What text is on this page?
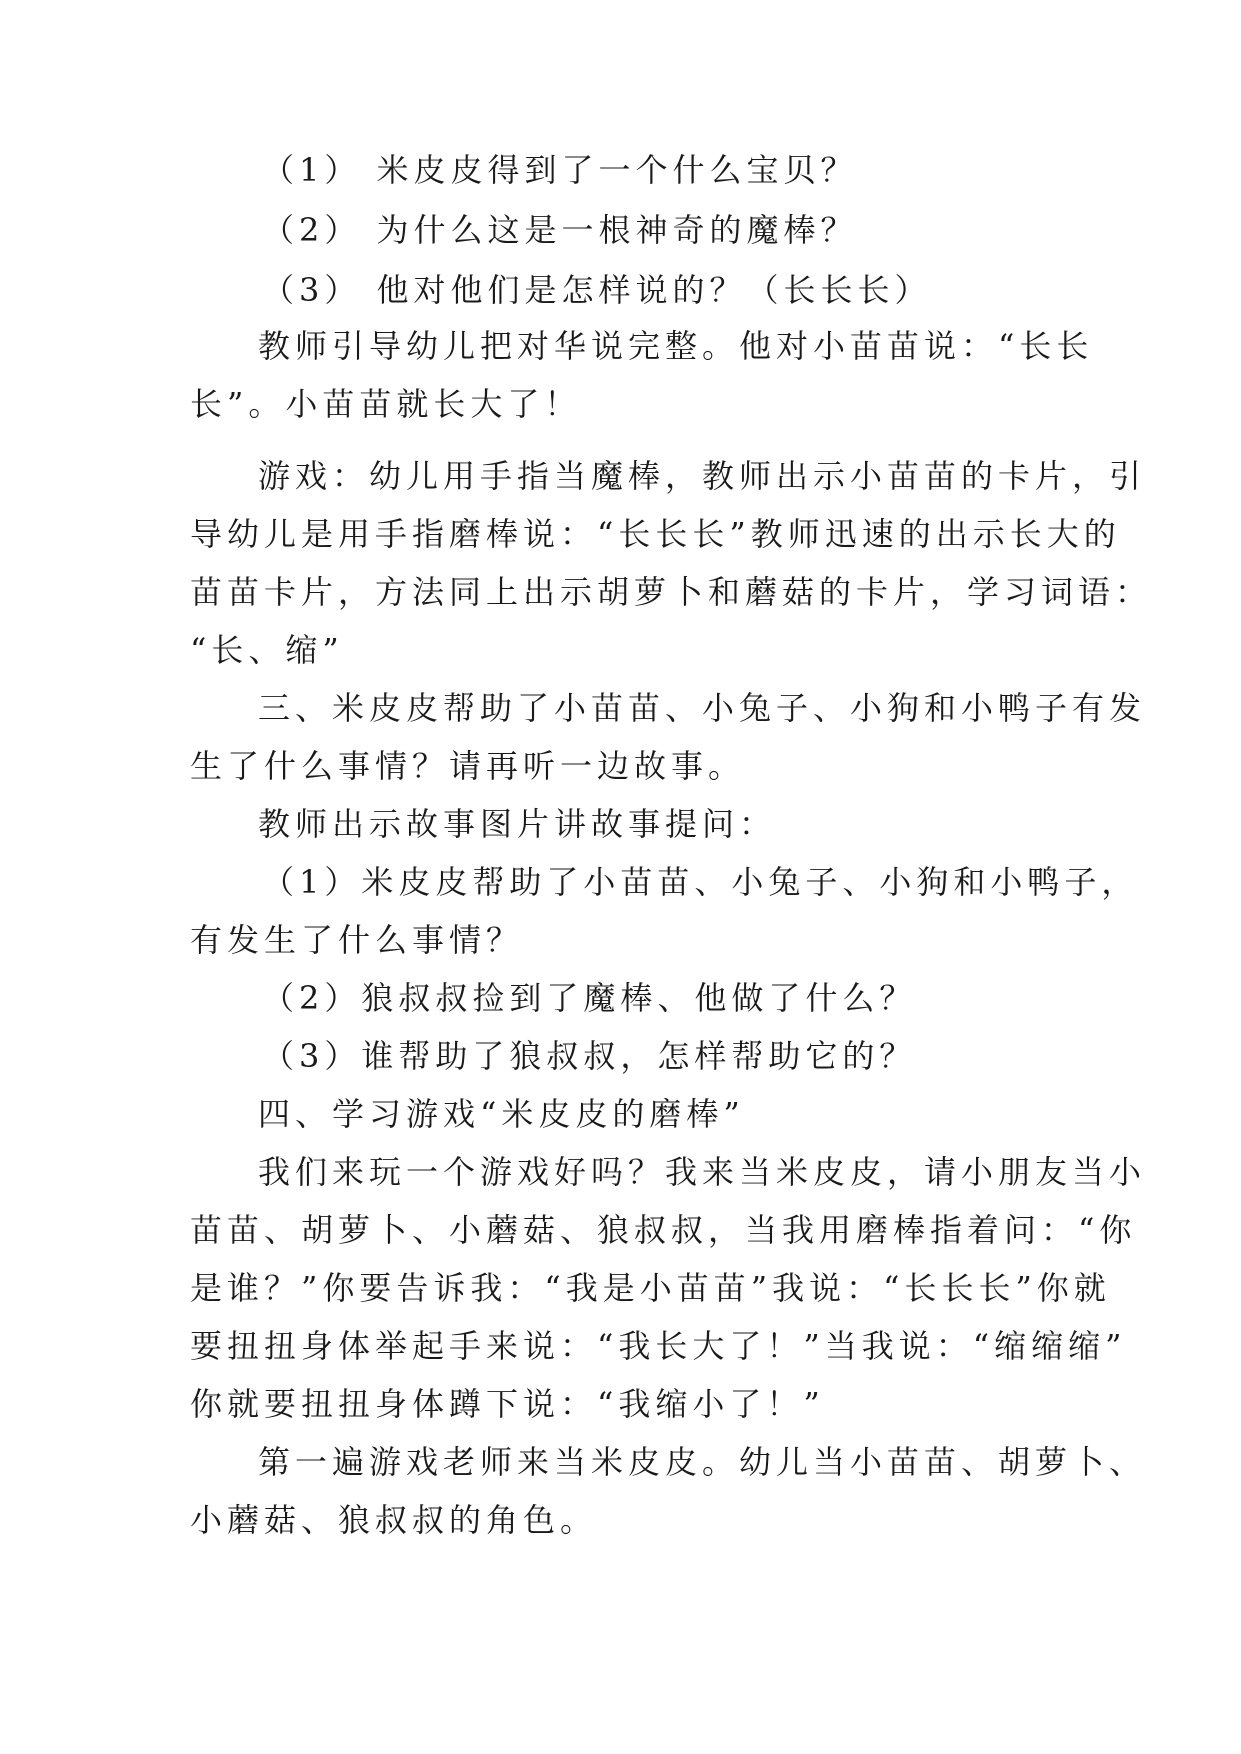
（1） 米皮皮得到了一个什么宝贝？
（2） 为什么这是一根神奇的魔棒？
（3） 他对他们是怎样说的？（长长长）
教师引导幼儿把对华说完整。他对小苗苗说：“长长
长”。小苗苗就长大了！
游戏：幼儿用手指当魔棒，教师出示小苗苗的卡片，引
导幼儿是用手指磨棒说：“长长长”教师迅速的出示长大的
苗苗卡片，方法同上出示胡萝卜和蘑菇的卡片，学习词语：
“长、缩”
三、米皮皮帮助了小苗苗、小兔子、小狗和小鸭子有发
生了什么事情？请再听一边故事。
教师出示故事图片讲故事提问：
（1）米皮皮帮助了小苗苗、小兔子、小狗和小鸭子，
有发生了什么事情？
（2）狼叔叔捡到了魔棒、他做了什么？
（3）谁帮助了狼叔叔，怎样帮助它的？
四、学习游戏“米皮皮的磨棒”
我们来玩一个游戏好吗？我来当米皮皮，请小朋友当小
苗苗、胡萝卜、小蘑菇、狼叔叔，当我用磨棒指着问：“你
是谁？”你要告诉我：“我是小苗苗”我说：“长长长”你就
要扭扭身体举起手来说：“我长大了！”当我说：“缩缩缩”
你就要扭扭身体蹲下说：“我缩小了！”
第一遍游戏老师来当米皮皮。幼儿当小苗苗、胡萝卜、
小蘑菇、狼叔叔的角色。
